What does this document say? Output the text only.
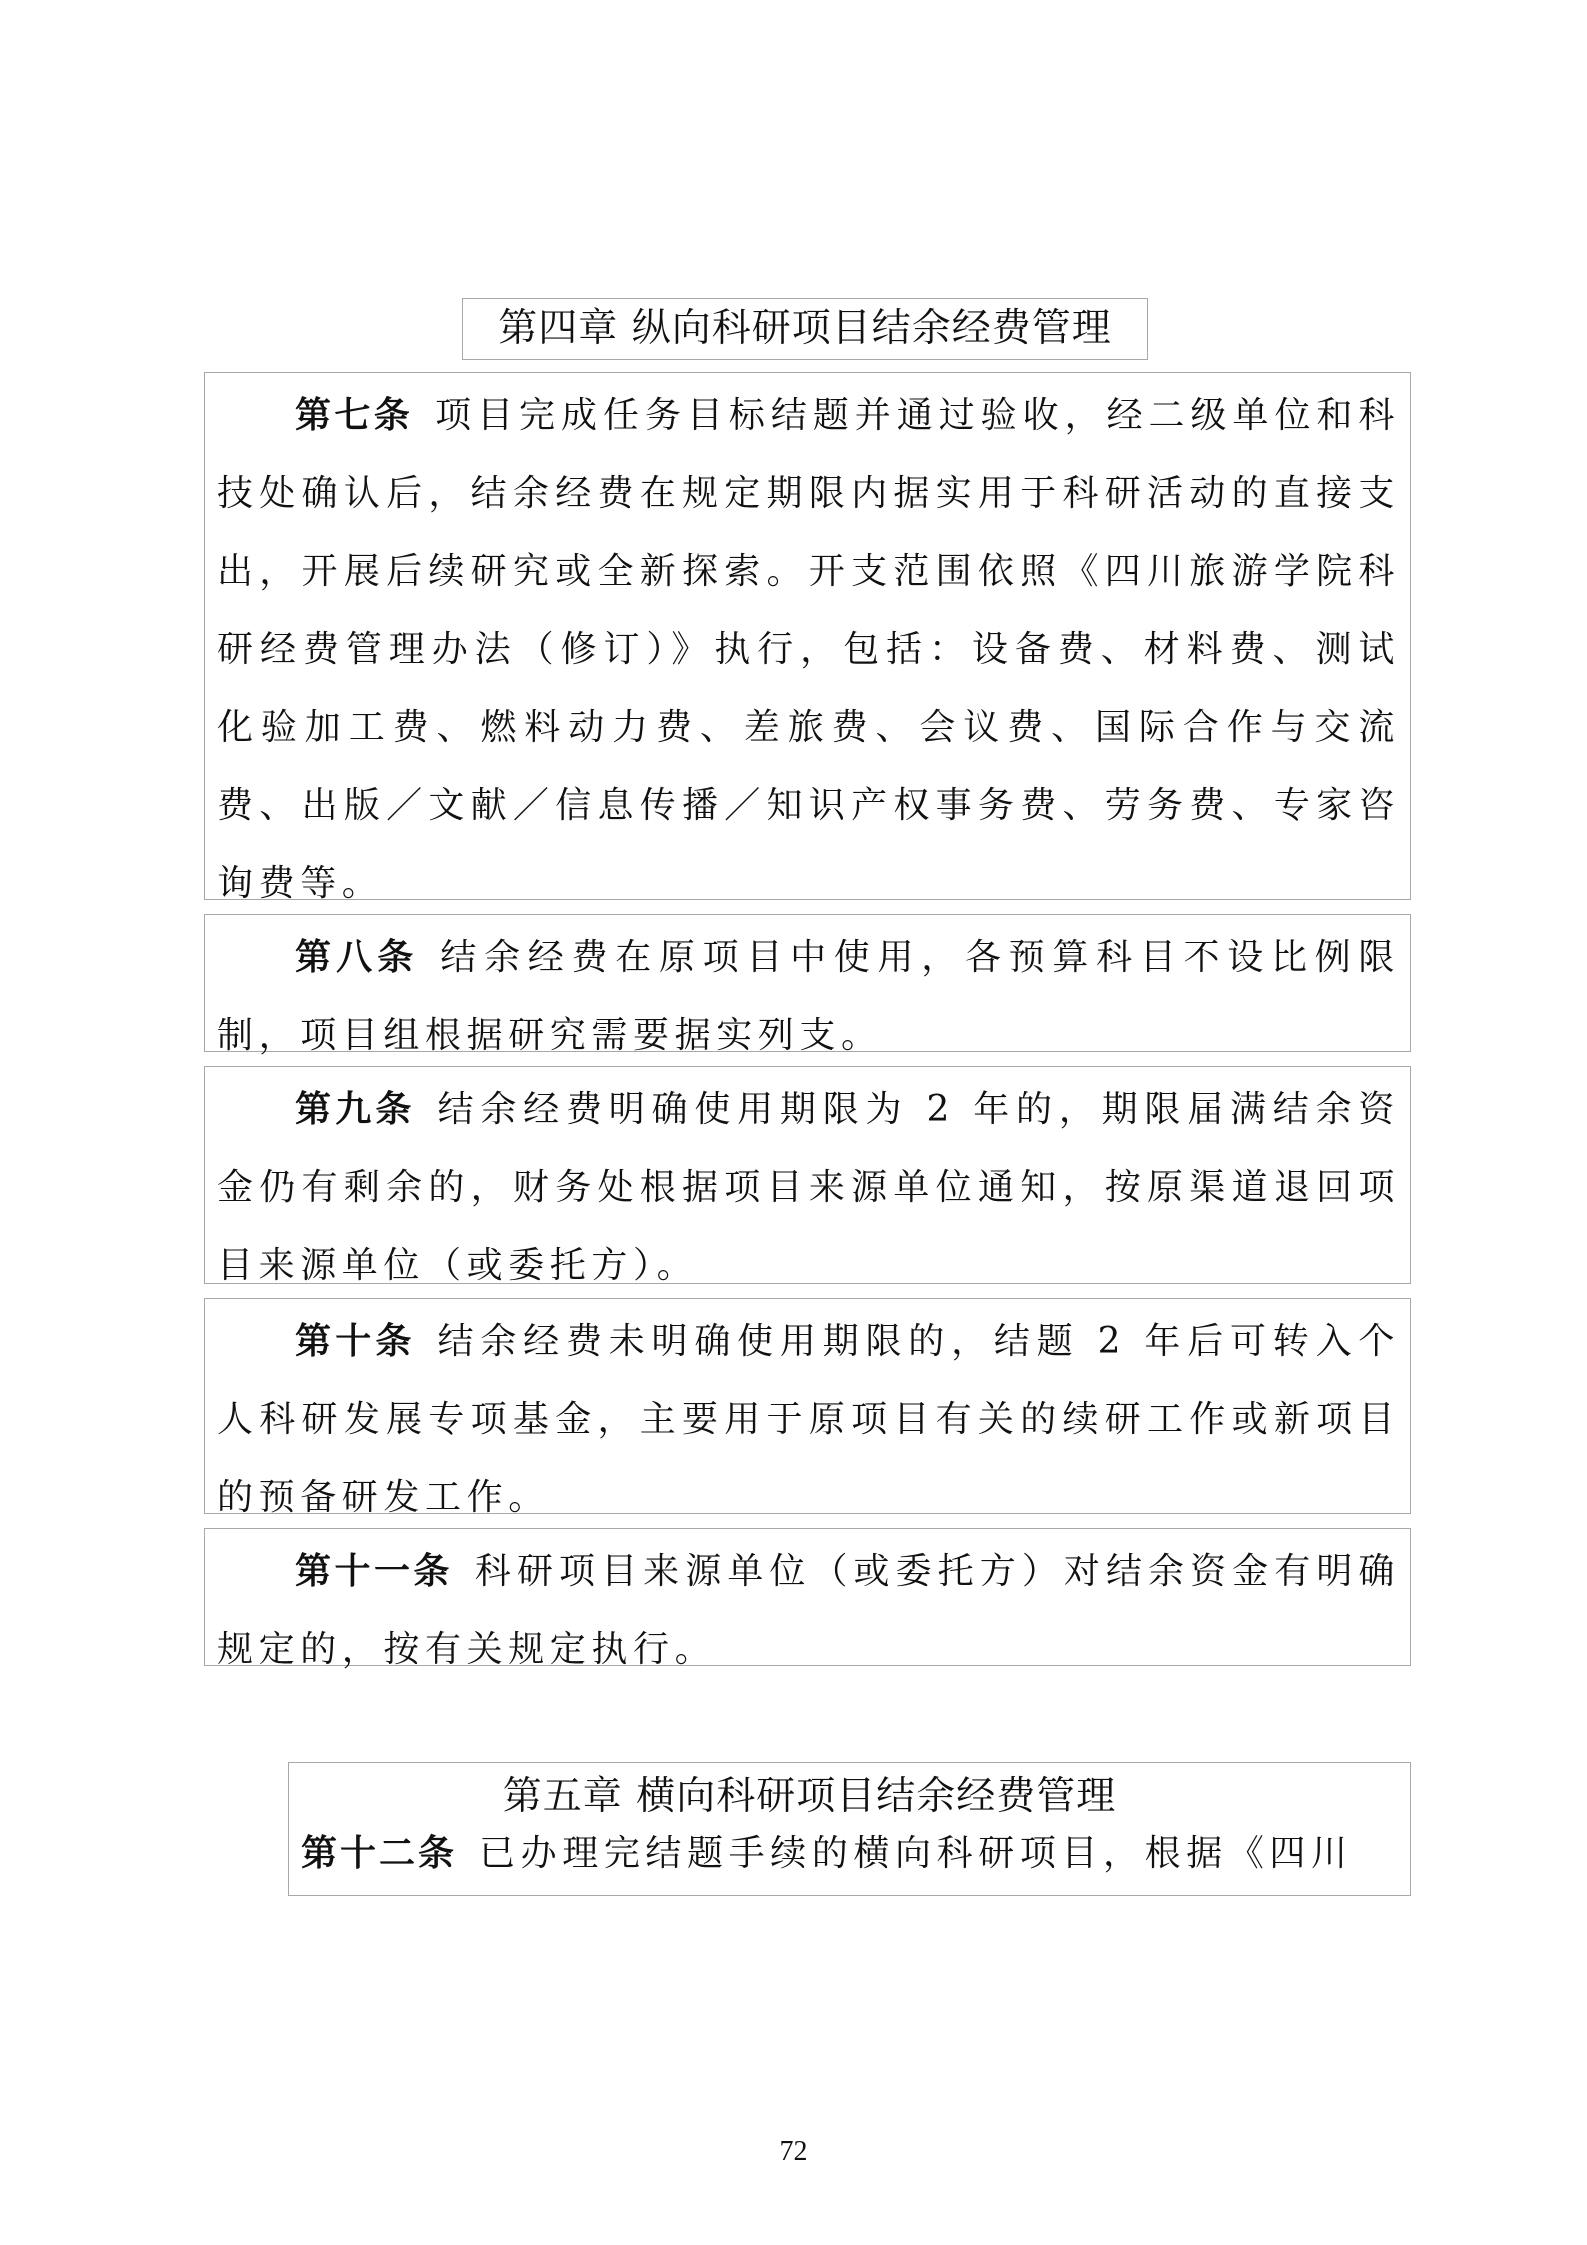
第四章 纵向科研项目结余经费管理
第七条 项目完成任务目标结题并通过验收，经二级单位和科技处确认后，结余经费在规定期限内据实用于科研活动的直接支出，开展后续研究或全新探索。开支范围依照《四川旅游学院科研经费管理办法（修订）》执行，包括：设备费、材料费、测试化验加工费、燃料动力费、差旅费、会议费、国际合作与交流费、出版／文献／信息传播／知识产权事务费、劳务费、专家咨询费等。
第八条 结余经费在原项目中使用，各预算科目不设比例限制，项目组根据研究需要据实列支。
第九条 结余经费明确使用期限为 2 年的，期限届满结余资金仍有剩余的，财务处根据项目来源单位通知，按原渠道退回项目来源单位（或委托方）。
第十条 结余经费未明确使用期限的，结题 2 年后可转入个人科研发展专项基金，主要用于原项目有关的续研工作或新项目的预备研发工作。
第十一条 科研项目来源单位（或委托方）对结余资金有明确规定的，按有关规定执行。
第五章 横向科研项目结余经费管理
第十二条 已办理完结题手续的横向科研项目，根据《四川
72
